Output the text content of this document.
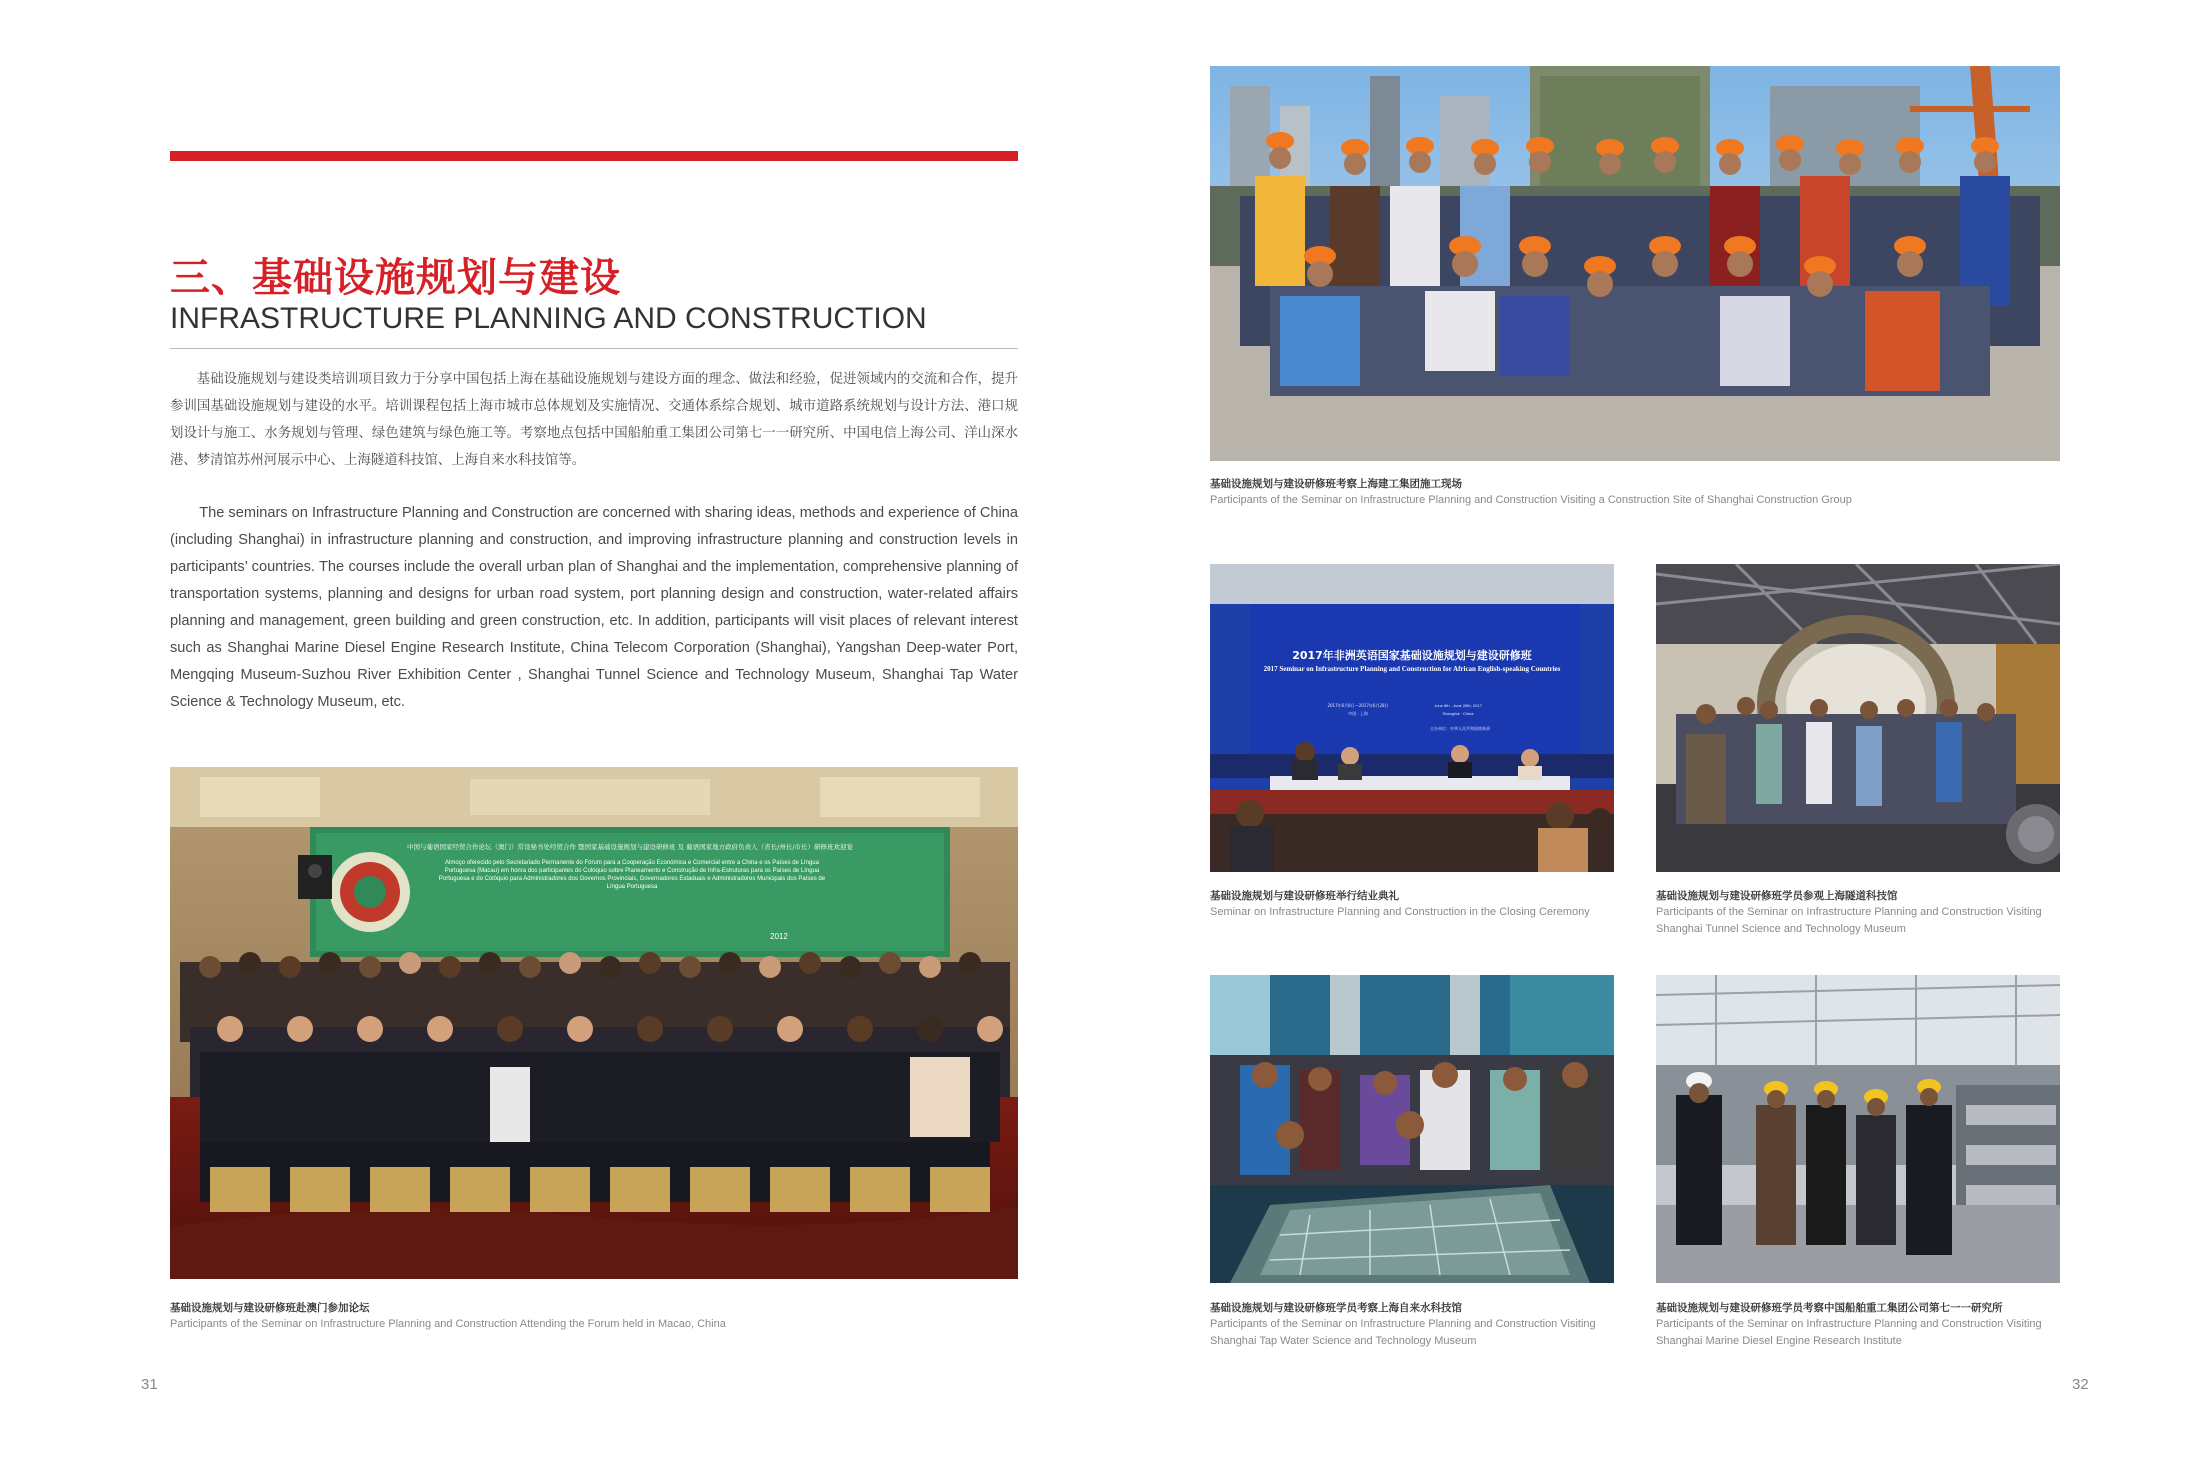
三、基础设施规划与建设
INFRASTRUCTURE PLANNING AND CONSTRUCTION

基础设施规划与建设类培训项目致力于分享中国包括上海在基础设施规划与建设方面的理念、做法和经验，促进领域内的交流和合作，提升参训国基础设施规划与建设的水平。培训课程包括上海市城市总体规划及实施情况、交通体系综合规划、城市道路系统规划与设计方法、港口规划设计与施工、水务规划与管理、绿色建筑与绿色施工等。考察地点包括中国船舶重工集团公司第七一一研究所、中国电信上海公司、洋山深水港、梦清馆苏州河展示中心、上海隧道科技馆、上海自来水科技馆等。

The seminars on Infrastructure Planning and Construction are concerned with sharing ideas, methods and experience of China (including Shanghai) in infrastructure planning and construction, and improving infrastructure planning and construction levels in participants’ countries. The courses include the overall urban plan of Shanghai and the implementation, comprehensive planning of transportation systems, planning and designs for urban road system, port planning design and construction, water-related affairs planning and management, green building and green construction, etc. In addition, participants will visit places of relevant interest such as Shanghai Marine Diesel Engine Research Institute, China Telecom Corporation (Shanghai), Yangshan Deep-water Port, Mengqing Museum-Suzhou River Exhibition Center , Shanghai Tunnel Science and Technology Museum, Shanghai Tap Water Science & Technology Museum, etc.

中国与葡语国家经贸合作论坛（澳门）常设秘书处经贸合作 暨国家基础设施规划与建设研修班 及 葡语国家地方政府负责人（省长/州长/市长）研修班欢迎宴
Almoço oferecido pelo Secretariado Permanente do Fórum para a Cooperação Económica e Comercial entre a China e os Países de Língua Portuguesa (Macau) em honra dos participantes do Colóquio sobre Planeamento e Construção de Infra-Estruturas para os Países de Língua Portuguesa e do Colóquio para Administradores dos Governos Provinciais, Governadores Estaduais e Administradores Municipais dos Países de Língua Portuguesa
2012
基础设施规划与建设研修班赴澳门参加论坛
Participants of the Seminar on Infrastructure Planning and Construction Attending the Forum held in Macao, China
31
基础设施规划与建设研修班考察上海建工集团施工现场
Participants of the Seminar on Infrastructure Planning and Construction Visiting a Construction Site of Shanghai Construction Group
2017年非洲英语国家基础设施规划与建设研修班
2017 Seminar on Infrastructure Planning and Construction for African English-speaking Countries
2017年6月8日—2017年6月28日	June 8th - June 28th, 2017
中国 · 上海	Shanghai · China
主办单位：中华人民共和国商务部
基础设施规划与建设研修班举行结业典礼
Seminar on Infrastructure Planning and Construction in the Closing Ceremony
基础设施规划与建设研修班学员参观上海隧道科技馆
Participants of the Seminar on Infrastructure Planning and Construction Visiting Shanghai Tunnel Science and Technology Museum
基础设施规划与建设研修班学员考察上海自来水科技馆
Participants of the Seminar on Infrastructure Planning and Construction Visiting Shanghai Tap Water Science and Technology Museum
基础设施规划与建设研修班学员考察中国船舶重工集团公司第七一一研究所
Participants of the Seminar on Infrastructure Planning and Construction Visiting Shanghai Marine Diesel Engine Research Institute
32
